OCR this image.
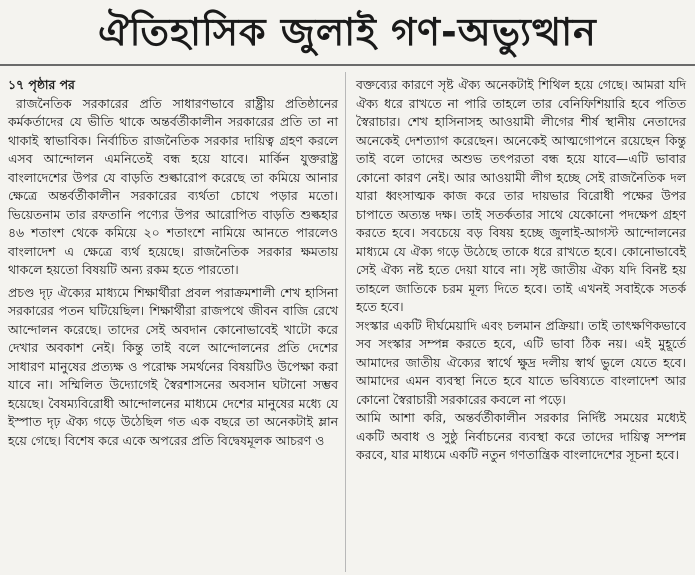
ঐতিহাসিক জুলাই গণ-অভ্যুত্থান

১৭ পৃষ্ঠার পর

রাজনৈতিক সরকারের প্রতি সাধারণভাবে রাষ্ট্রীয় প্রতিষ্ঠানের কর্মকর্তাদের যে ভীতি থাকে অন্তর্বর্তীকালীন সরকারের প্রতি তা না থাকাই স্বাভাবিক। নির্বাচিত রাজনৈতিক সরকার দায়িত্ব গ্রহণ করলে এসব আন্দোলন এমনিতেই বন্ধ হয়ে যাবে। মার্কিন যুক্তরাষ্ট্র বাংলাদেশের উপর যে বাড়তি শুল্কারোপ করেছে তা কমিয়ে আনার ক্ষেত্রে অন্তর্বর্তীকালীন সরকারের ব্যর্থতা চোখে পড়ার মতো। ভিয়েতনাম তার রফতানি পণ্যের উপর আরোপিত বাড়তি শুল্কহার ৪৬ শতাংশ থেকে কমিয়ে ২০ শতাংশে নামিয়ে আনতে পারলেও বাংলাদেশ এ ক্ষেত্রে ব্যর্থ হয়েছে। রাজনৈতিক সরকার ক্ষমতায় থাকলে হয়তো বিষয়টি অন্য রকম হতে পারতো।

প্রচণ্ড দৃঢ় ঐক্যের মাধ্যমে শিক্ষার্থীরা প্রবল পরাক্রমশালী শেখ হাসিনা সরকারের পতন ঘটিয়েছিল। শিক্ষার্থীরা রাজপথে জীবন বাজি রেখে আন্দোলন করেছে। তাদের সেই অবদান কোনোভাবেই খাটো করে দেখার অবকাশ নেই। কিন্তু তাই বলে আন্দোলনের প্রতি দেশের সাধারণ মানুষের প্রত্যক্ষ ও পরোক্ষ সমর্থনের বিষয়টিও উপেক্ষা করা যাবে না। সম্মিলিত উদ্যোগেই স্বৈরশাসনের অবসান ঘটানো সম্ভব হয়েছে। বৈষম্যবিরোধী আন্দোলনের মাধ্যমে দেশের মানুষের মধ্যে যে ইস্পাত দৃঢ় ঐক্য গড়ে উঠেছিল গত এক বছরে তা অনেকটাই ম্লান হয়ে গেছে। বিশেষ করে একে অপরের প্রতি বিদ্বেষমূলক আচরণ ও

বক্তব্যের কারণে সৃষ্ট ঐক্য অনেকটাই শিথিল হয়ে গেছে। আমরা যদি ঐক্য ধরে রাখতে না পারি তাহলে তার বেনিফিশিয়ারি হবে পতিত স্বৈরাচার। শেখ হাসিনাসহ আওয়ামী লীগের শীর্ষ স্থানীয় নেতাদের অনেকেই দেশত্যাগ করেছেন। অনেকেই আত্মগোপনে রয়েছেন কিন্তু তাই বলে তাদের অশুভ তৎপরতা বন্ধ হয়ে যাবে—এটি ভাবার কোনো কারণ নেই। আর আওয়ামী লীগ হচ্ছে সেই রাজনৈতিক দল যারা ধ্বংসাত্মক কাজ করে তার দায়ভার বিরোধী পক্ষের উপর চাপাতে অত্যন্ত দক্ষ। তাই সতর্কতার সাথে যেকোনো পদক্ষেপ গ্রহণ করতে হবে। সবচেয়ে বড় বিষয় হচ্ছে জুলাই-আগস্ট আন্দোলনের মাধ্যমে যে ঐক্য গড়ে উঠেছে তাকে ধরে রাখতে হবে। কোনোভাবেই সেই ঐক্য নষ্ট হতে দেয়া যাবে না। সৃষ্ট জাতীয় ঐক্য যদি বিনষ্ট হয় তাহলে জাতিকে চরম মূল্য দিতে হবে। তাই এখনই সবাইকে সতর্ক হতে হবে।

সংস্কার একটি দীর্ঘমেয়াদি এবং চলমান প্রক্রিয়া। তাই তাৎক্ষণিকভাবে সব সংস্কার সম্পন্ন করতে হবে, এটি ভাবা ঠিক নয়। এই মুহূর্তে আমাদের জাতীয় ঐক্যের স্বার্থে ক্ষুদ্র দলীয় স্বার্থ ভুলে যেতে হবে। আমাদের এমন ব্যবস্থা নিতে হবে যাতে ভবিষ্যতে বাংলাদেশ আর কোনো স্বৈরাচারী সরকারের কবলে না পড়ে।

আমি আশা করি, অন্তর্বর্তীকালীন সরকার নির্দিষ্ট সময়ের মধ্যেই একটি অবাধ ও সুষ্ঠু নির্বাচনের ব্যবস্থা করে তাদের দায়িত্ব সম্পন্ন করবে, যার মাধ্যমে একটি নতুন গণতান্ত্রিক বাংলাদেশের সূচনা হবে।
